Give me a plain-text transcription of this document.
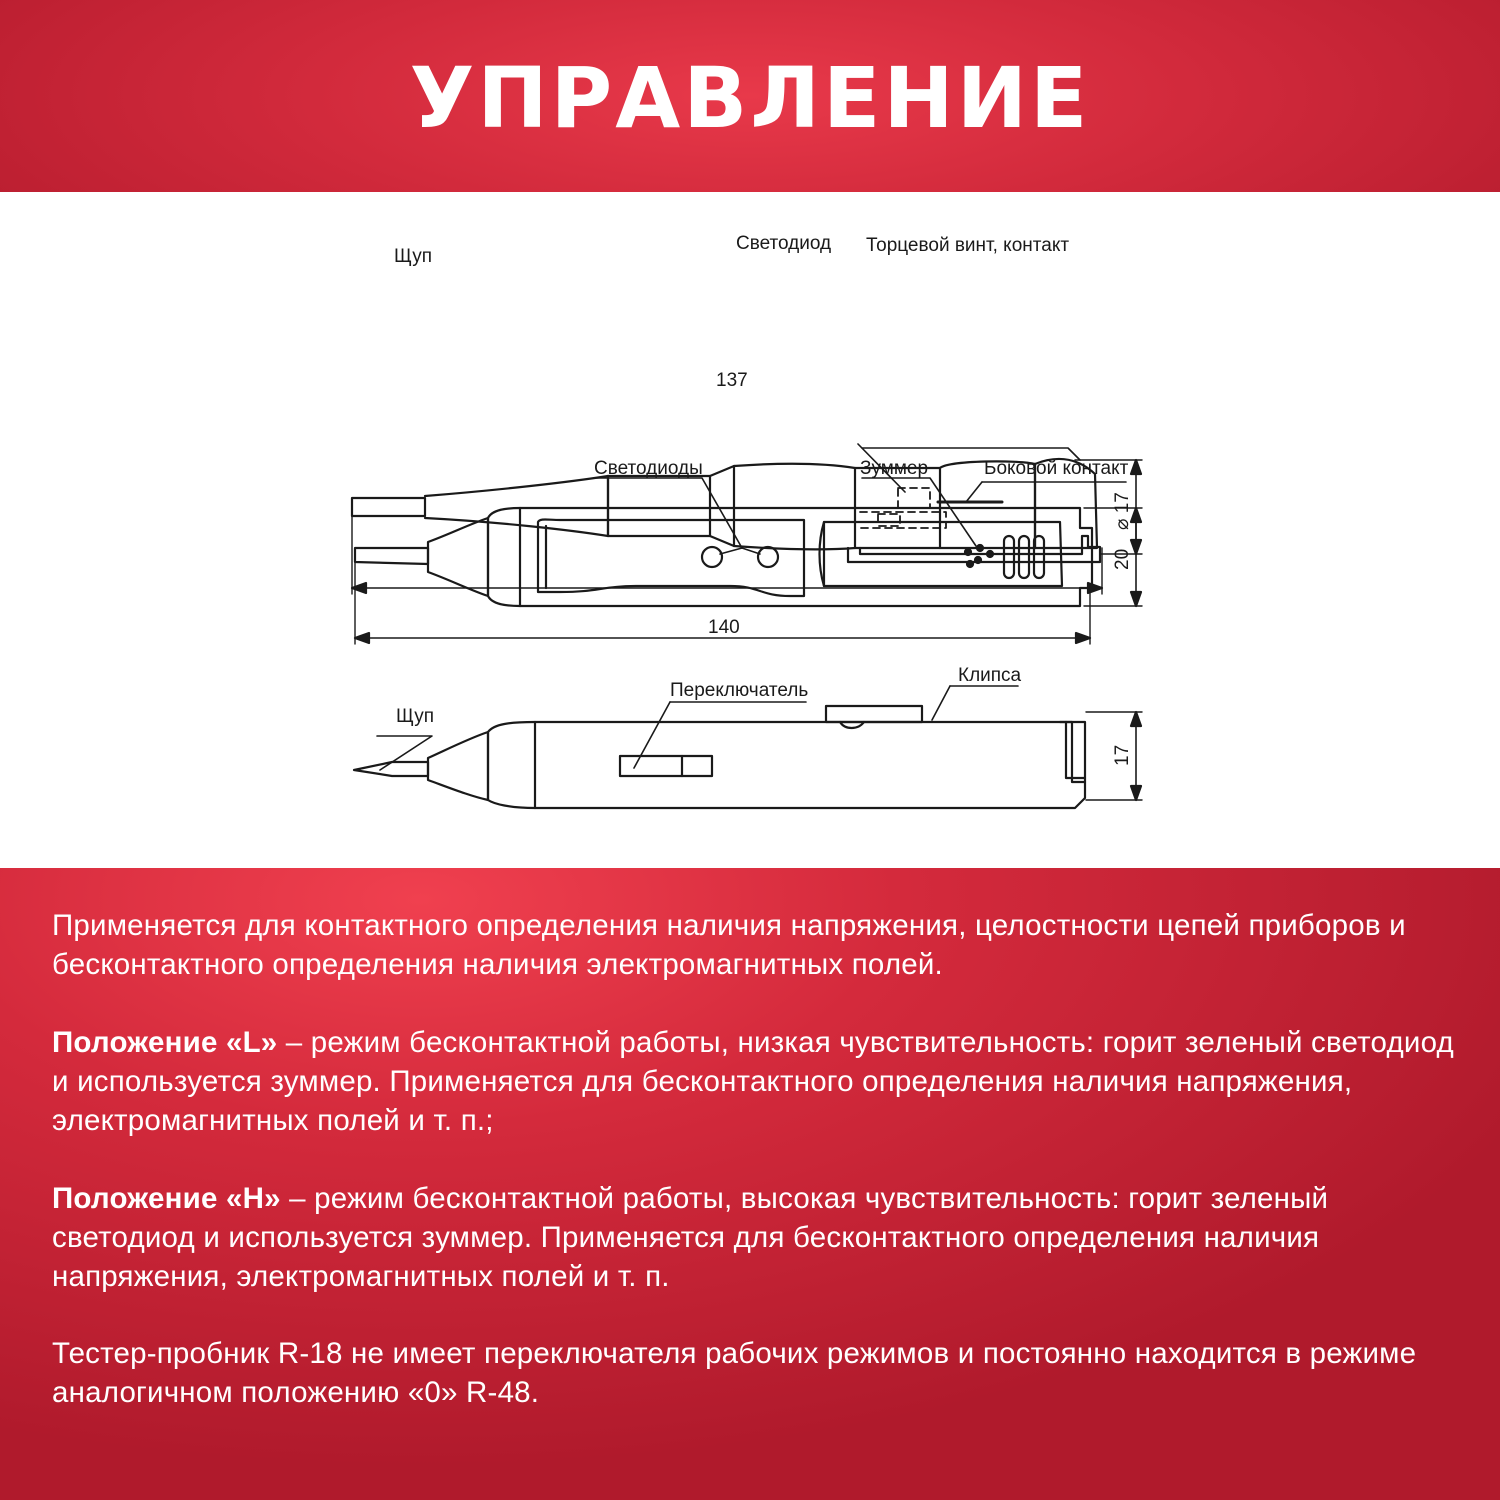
УПРАВЛЕНИЕ
Щуп
Светодиод Торцевой винт, контакт
137
⌀ 17
Светодиоды	Зуммер	Боковой контакт
140
20
Щуп
Переключатель
Клипса
17
Применяется для контактного определения наличия напряжения, целостности цепей приборов и бесконтактного определения наличия электромагнитных полей.
Положение «L» – режим бесконтактной работы, низкая чувствительность: горит зеленый светодиод и используется зуммер. Применяется для бесконтактного определения наличия напряжения, электромагнитных полей и т. п.;
Положение «H» – режим бесконтактной работы, высокая чувствительность: горит зеленый светодиод и используется зуммер. Применяется для бесконтактного определения наличия напряжения, электромагнитных полей и т. п.
Тестер-пробник R-18 не имеет переключателя рабочих режимов и постоянно находится в режиме аналогичном положению «0» R-48.
